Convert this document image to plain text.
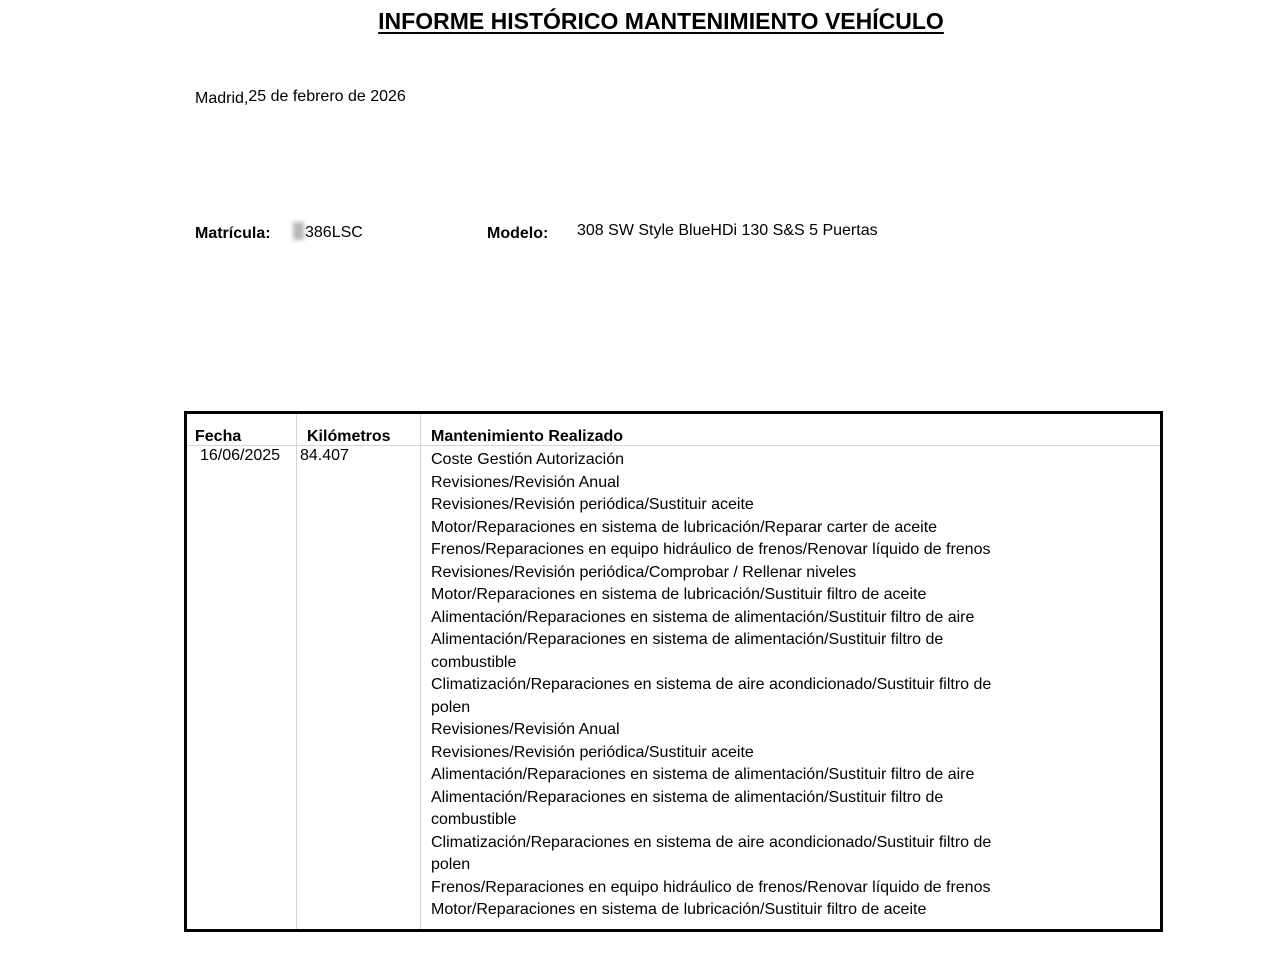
INFORME HISTÓRICO MANTENIMIENTO VEHÍCULO
Madrid,25 de febrero de 2026
Matrícula:	386LSC	Modelo: 308 SW Style BlueHDi 130 S&S 5 Puertas
Fecha	Kilómetros	Mantenimiento Realizado
16/06/2025 84.407	Coste Gestión Autorización
Revisiones/Revisión Anual
Revisiones/Revisión periódica/Sustituir aceite
Motor/Reparaciones en sistema de lubricación/Reparar carter de aceite
Frenos/Reparaciones en equipo hidráulico de frenos/Renovar líquido de frenos
Revisiones/Revisión periódica/Comprobar / Rellenar niveles
Motor/Reparaciones en sistema de lubricación/Sustituir filtro de aceite
Alimentación/Reparaciones en sistema de alimentación/Sustituir filtro de aire
Alimentación/Reparaciones en sistema de alimentación/Sustituir filtro de combustible
Climatización/Reparaciones en sistema de aire acondicionado/Sustituir filtro de polen
Revisiones/Revisión Anual
Revisiones/Revisión periódica/Sustituir aceite
Alimentación/Reparaciones en sistema de alimentación/Sustituir filtro de aire
Alimentación/Reparaciones en sistema de alimentación/Sustituir filtro de combustible
Climatización/Reparaciones en sistema de aire acondicionado/Sustituir filtro de polen
Frenos/Reparaciones en equipo hidráulico de frenos/Renovar líquido de frenos
Motor/Reparaciones en sistema de lubricación/Sustituir filtro de aceite
